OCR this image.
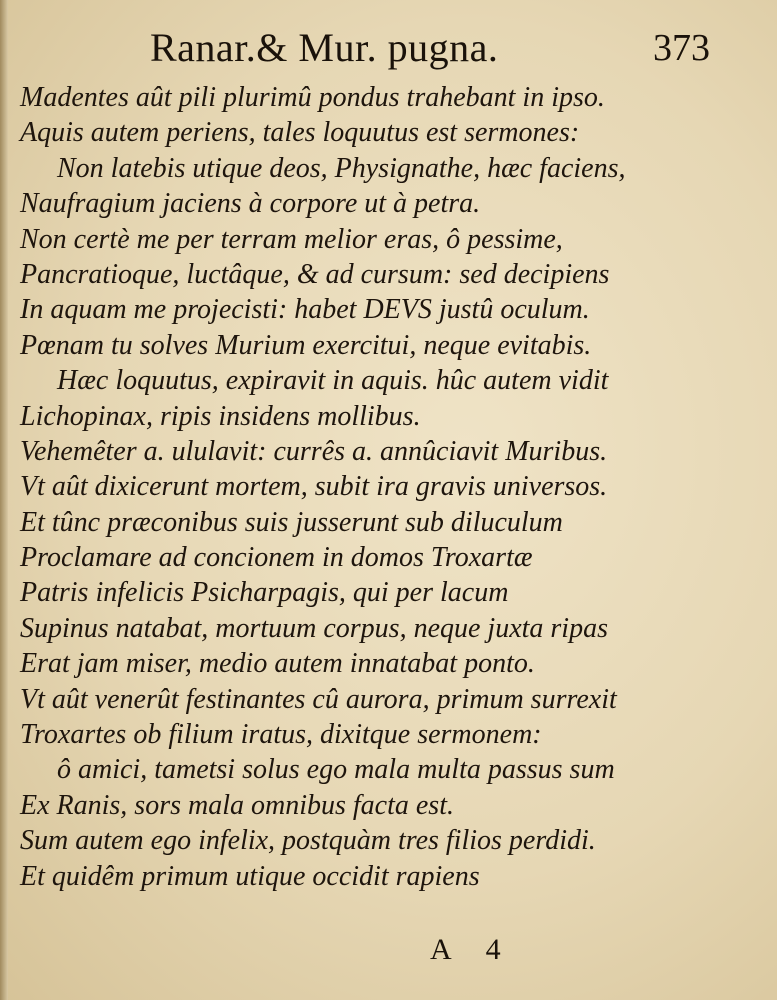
Ranar.& Mur. pugna.	373
Madentes aût pili plurimû pondus trahebant in ipso.
Aquis autem periens, tales loquutus est sermones:
Non latebis utique deos, Physignathe, hæc faciens,
Naufragium jaciens à corpore ut à petra.
Non certè me per terram melior eras, ô pessime,
Pancratioque, luctâque, & ad cursum: sed decipiens
In aquam me projecisti: habet DEVS justû oculum.
Pœnam tu solves Murium exercitui, neque evitabis.
Hæc loquutus, expiravit in aquis. hûc autem vidit
Lichopinax, ripis insidens mollibus.
Vehemêter a. ululavit: currês a. annûciavit Muribus.
Vt aût dixicerunt mortem, subit ira gravis universos.
Et tûnc præconibus suis jusserunt sub diluculum
Proclamare ad concionem in domos Troxartæ
Patris infelicis Psicharpagis, qui per lacum
Supinus natabat, mortuum corpus, neque juxta ripas
Erat jam miser, medio autem innatabat ponto.
Vt aût venerût festinantes cû aurora, primum surrexit
Troxartes ob filium iratus, dixitque sermonem:
ô amici, tametsi solus ego mala multa passus sum
Ex Ranis, sors mala omnibus facta est.
Sum autem ego infelix, postquàm tres filios perdidi.
Et quidêm primum utique occidit rapiens
A 4
